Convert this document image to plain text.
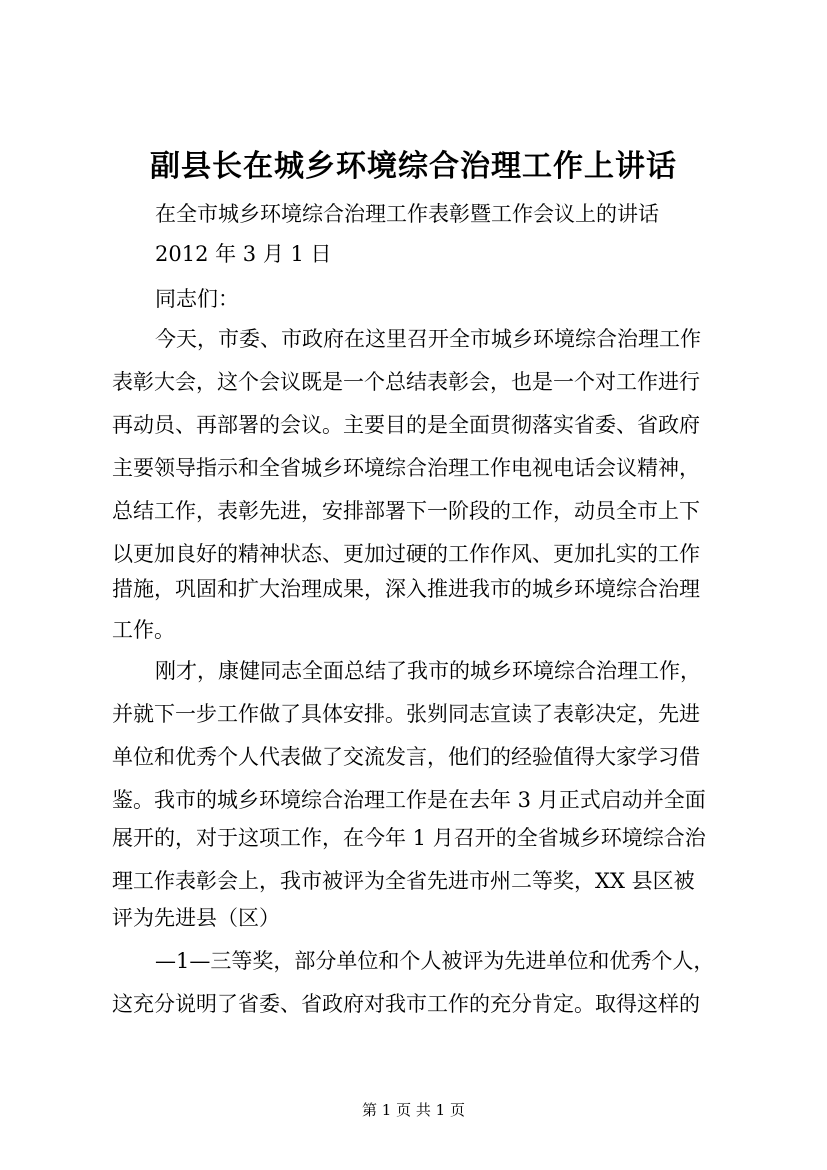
副县长在城乡环境综合治理工作上讲话
在全市城乡环境综合治理工作表彰暨工作会议上的讲话
2012 年 3 月 1 日
同志们：
今天，市委、市政府在这里召开全市城乡环境综合治理工作
表彰大会，这个会议既是一个总结表彰会，也是一个对工作进行
再动员、再部署的会议。主要目的是全面贯彻落实省委、省政府
主要领导指示和全省城乡环境综合治理工作电视电话会议精神，
总结工作，表彰先进，安排部署下一阶段的工作，动员全市上下
以更加良好的精神状态、更加过硬的工作作风、更加扎实的工作
措施，巩固和扩大治理成果，深入推进我市的城乡环境综合治理
工作。
刚才，康健同志全面总结了我市的城乡环境综合治理工作，
并就下一步工作做了具体安排。张刿同志宣读了表彰决定，先进
单位和优秀个人代表做了交流发言，他们的经验值得大家学习借
鉴。我市的城乡环境综合治理工作是在去年 3 月正式启动并全面
展开的，对于这项工作，在今年 1 月召开的全省城乡环境综合治
理工作表彰会上，我市被评为全省先进市州二等奖，XX 县区被
评为先进县（区）
—1—三等奖，部分单位和个人被评为先进单位和优秀个人，
这充分说明了省委、省政府对我市工作的充分肯定。取得这样的
第 1 页 共 1 页
